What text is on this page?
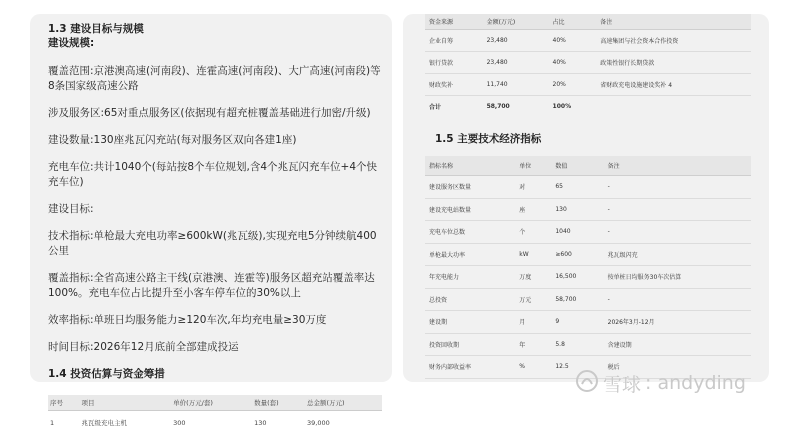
1.3 建设目标与规模
建设规模:
覆盖范围:京港澳高速(河南段)、连霍高速(河南段)、大广高速(河南段)等8条国家级高速公路
涉及服务区:65对重点服务区(依据现有超充桩覆盖基础进行加密/升级)
建设数量:130座兆瓦闪充站(每对服务区双向各建1座)
充电车位:共计1040个(每站按8个车位规划,含4个兆瓦闪充车位+4个快充车位)
建设目标:
技术指标:单枪最大充电功率≥600kW(兆瓦级),实现充电5分钟续航400公里
覆盖指标:全省高速公路主干线(京港澳、连霍等)服务区超充站覆盖率达100%。充电车位占比提升至小客车停车位的30%以上
效率指标:单班日均服务能力≥120车次,年均充电量≥30万度
时间目标:2026年12月底前全部建成投运
1.4 投资估算与资金筹措
序号	项目	单价(万元/套)	数量(套)	总金额(万元)
1	兆瓦级充电主机	300	130	39,000
资金来源	金额(万元)	占比	备注
企业自筹	23,480	40%	高速集团与社会资本合作投资
银行贷款	23,480	40%	政策性银行长期贷款
财政奖补	11,740	20%	省财政充电设施建设奖补 4
合计	58,700	100%	
1.5 主要技术经济指标
指标名称	单位	数值	备注
建设服务区数量	对	65	-
建设充电站数量	座	130	-
充电车位总数	个	1040	-
单枪最大功率	kW	≥600	兆瓦级闪充
年充电能力	万度	16,500	按单桩日均服务30车次估算
总投资	万元	58,700	-
建设期	月	9	2026年3月-12月
投资回收期	年	5.8	含建设期
财务内部收益率	%	12.5	税后
雪球 : andyding
